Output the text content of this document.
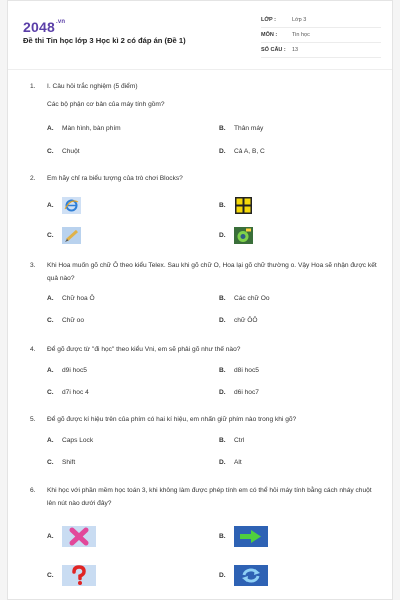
$2048^{.vn}$
Đề thi Tin học lớp 3 Học kì 2 có đáp án (Đề 1)
LỚP :	Lớp 3
MÔN :	Tin học
SỐ CÂU :	13
1.	I. Câu hỏi trắc nghiệm (5 điểm)
Các bộ phận cơ bản của máy tính gồm?
A.	Màn hình, bàn phím	B.	Thân máy
C.	Chuột	D.	Cả A, B, C
2.	Em hãy chỉ ra biểu tượng của trò chơi Blocks?
A.	B.
C.	D.
3.	Khi Hoa muốn gõ chữ Ô theo kiểu Telex. Sau khi gõ chữ O, Hoa lại gõ chữ thường o. Vậy Hoa sẽ nhận được kết quả nào?
A.	Chữ hoa Ô	B.	Các chữ Oo
C.	Chữ oo	D.	chữ ÔÔ
4.	Để gõ được từ "đi học" theo kiểu Vni, em sẽ phải gõ như thế nào?
A.	d9i hoc5	B.	d8i hoc5
C.	d7i hoc 4	D.	d6i hoc7
5.	Để gõ được kí hiệu trên của phím có hai kí hiệu, em nhấn giữ phím nào trong khi gõ?
A.	Caps Lock	B.	Ctrl
C.	Shift	D.	Alt
6.	Khi học với phần mềm học toán 3, khi không làm được phép tính em có thể hỏi máy tính bằng cách nháy chuột lên nút nào dưới đây?
A.	B.
C.	D.
